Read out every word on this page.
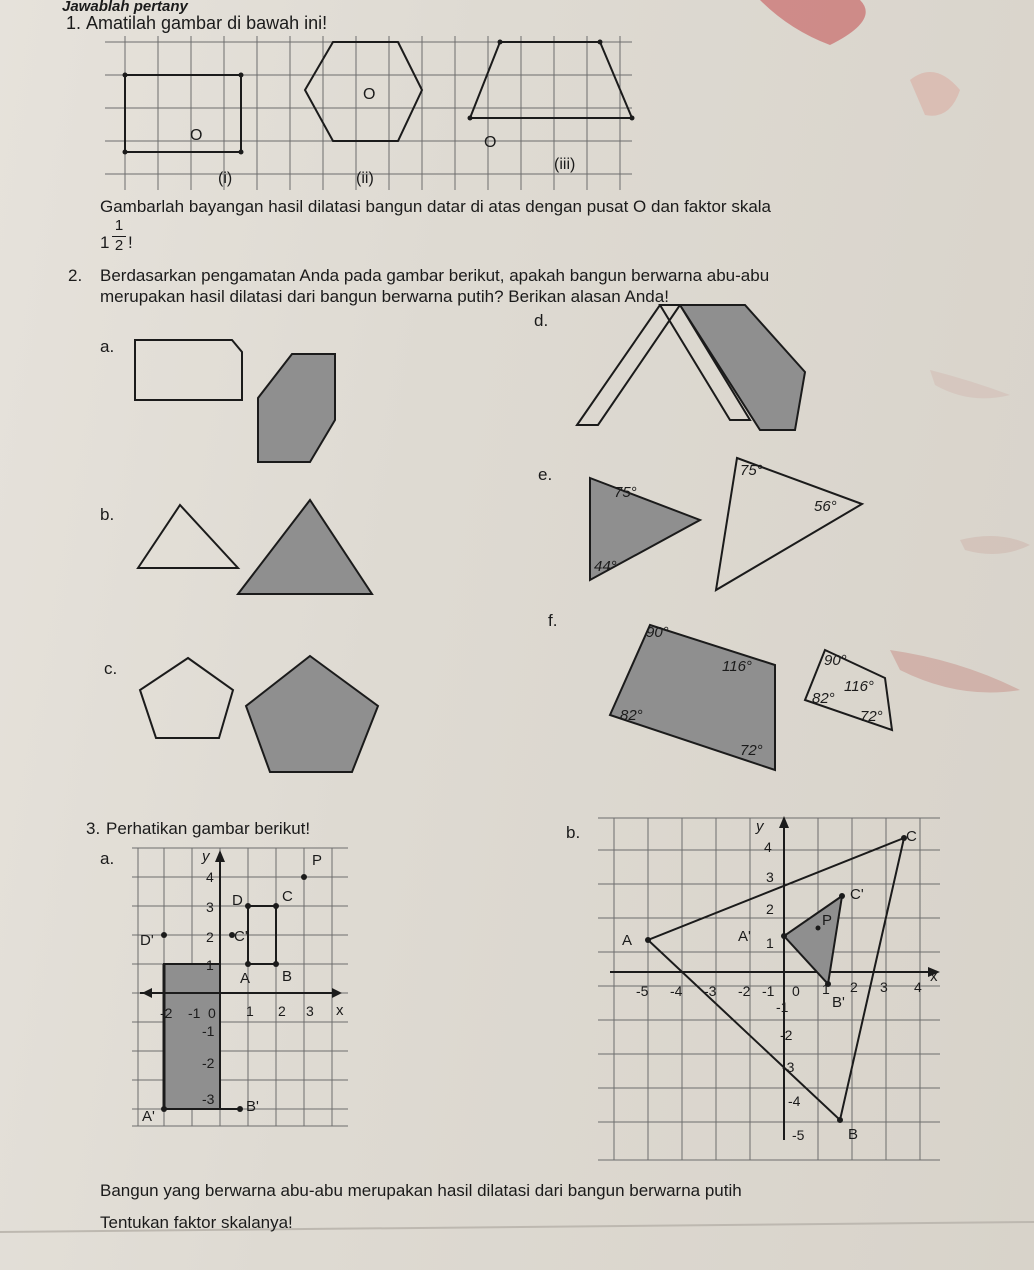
Jawablah pertany
1. Amatilah gambar di bawah ini!
O
O
O
(i)	(ii)
(iii)
Gambarlah bayangan hasil dilatasi bangun datar di atas dengan pusat O dan faktor skala
1
1
2 !
2. Berdasarkan pengamatan Anda pada gambar berikut, apakah bangun berwarna abu-abu
merupakan hasil dilatasi dari bangun berwarna putih? Berikan alasan Anda!
a.
b.
c.
d.
e.
f.
75°
44°
75°
56°
90°
116°
82°
72°
90°
116°
82°
72°
3. Perhatikan gambar berikut!
a.
b.
y
x
-2 -1 0 1 2 3
4
3
2
1
-1
-2
-3
P
D	C
D'	C'
A B
A'
B'
y
x
-5 -4 -3 -2 -1 0 1 2 3 4
4
3
2
1
-1
-2
-3
-4
-5
C
C'
P
A	A'
B'
B
Bangun yang berwarna abu-abu merupakan hasil dilatasi dari bangun berwarna putih
Tentukan faktor skalanya!
